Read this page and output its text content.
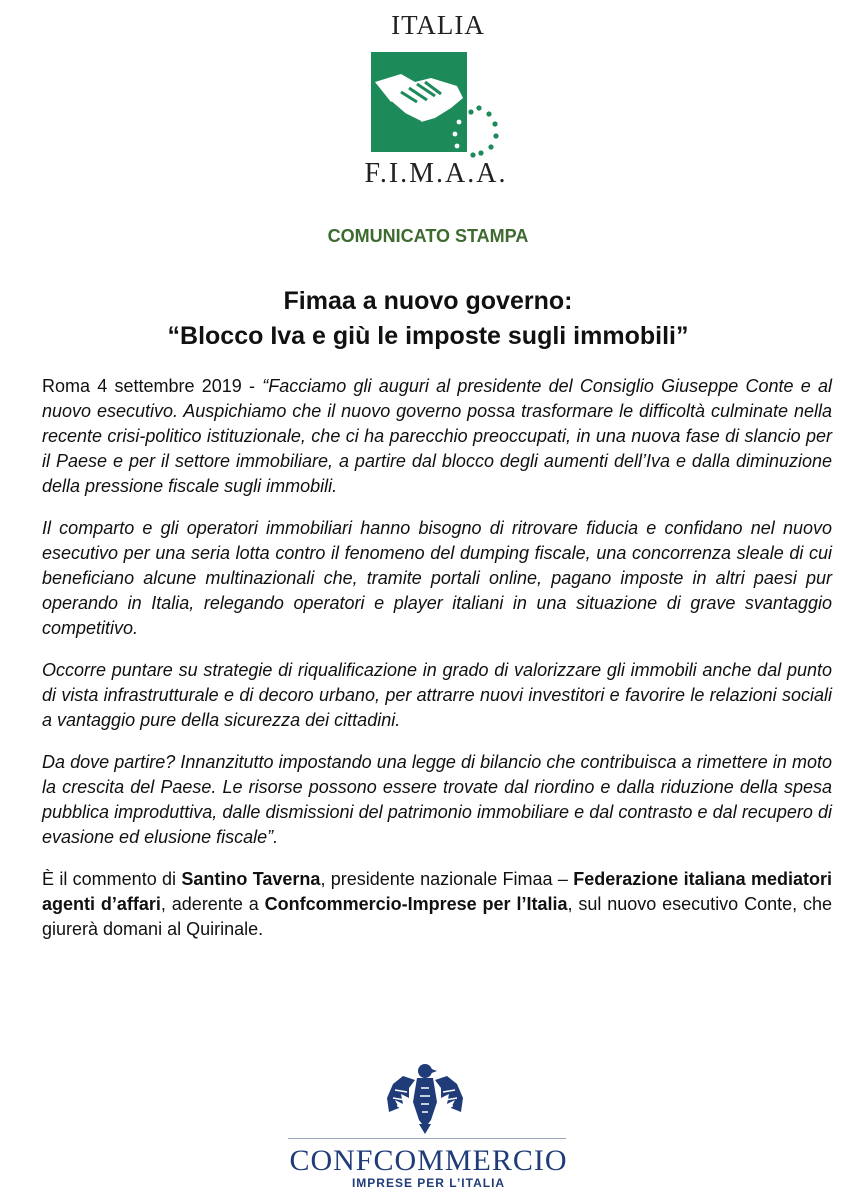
ITALIA
F.I.M.A.A.
COMUNICATO STAMPA
Fimaa a nuovo governo:
“Blocco Iva e giù le imposte sugli immobili”

Roma 4 settembre 2019 - “Facciamo gli auguri al presidente del Consiglio Giuseppe Conte e al nuovo esecutivo. Auspichiamo che il nuovo governo possa trasformare le difficoltà culminate nella recente crisi-politico istituzionale, che ci ha parecchio preoccupati, in una nuova fase di slancio per il Paese e per il settore immobiliare, a partire dal blocco degli aumenti dell’Iva e dalla diminuzione della pressione fiscale sugli immobili.

Il comparto e gli operatori immobiliari hanno bisogno di ritrovare fiducia e confidano nel nuovo esecutivo per una seria lotta contro il fenomeno del dumping fiscale, una concorrenza sleale di cui beneficiano alcune multinazionali che, tramite portali online, pagano imposte in altri paesi pur operando in Italia, relegando operatori e player italiani in una situazione di grave svantaggio competitivo.

Occorre puntare su strategie di riqualificazione in grado di valorizzare gli immobili anche dal punto di vista infrastrutturale e di decoro urbano, per attrarre nuovi investitori e favorire le relazioni sociali a vantaggio pure della sicurezza dei cittadini.

Da dove partire? Innanzitutto impostando una legge di bilancio che contribuisca a rimettere in moto la crescita del Paese. Le risorse possono essere trovate dal riordino e dalla riduzione della spesa pubblica improduttiva, dalle dismissioni del patrimonio immobiliare e dal contrasto e dal recupero di evasione ed elusione fiscale”.

È il commento di Santino Taverna, presidente nazionale Fimaa – Federazione italiana mediatori agenti d’affari, aderente a Confcommercio-Imprese per l’Italia, sul nuovo esecutivo Conte, che giurerà domani al Quirinale.

CONFCOMMERCIO
IMPRESE PER L’ITALIA
